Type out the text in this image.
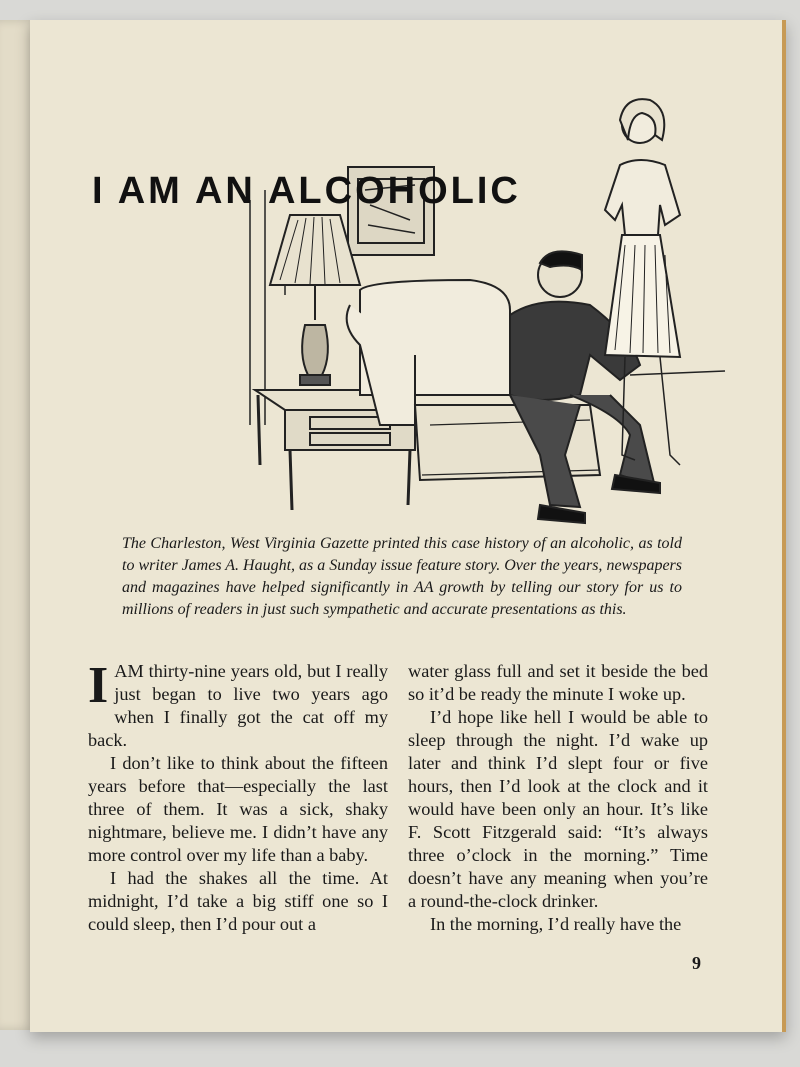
I AM AN ALCOHOLIC

The Charleston, West Virginia Gazette printed this case history of an alcoholic, as told to writer James A. Haught, as a Sunday issue feature story. Over the years, newspapers and magazines have helped significantly in AA growth by telling our story for us to millions of readers in just such sympathetic and accurate presentations as this.

I AM thirty-nine years old, but I really just began to live two years ago when I finally got the cat off my back.

I don’t like to think about the fifteen years before that—especially the last three of them. It was a sick, shaky nightmare, believe me. I didn’t have any more control over my life than a baby.

I had the shakes all the time. At midnight, I’d take a big stiff one so I could sleep, then I’d pour out a

water glass full and set it beside the bed so it’d be ready the minute I woke up.

I’d hope like hell I would be able to sleep through the night. I’d wake up later and think I’d slept four or five hours, then I’d look at the clock and it would have been only an hour. It’s like F. Scott Fitzgerald said: “It’s always three o’clock in the morning.” Time doesn’t have any meaning when you’re a round-the-clock drinker.

In the morning, I’d really have the

9
